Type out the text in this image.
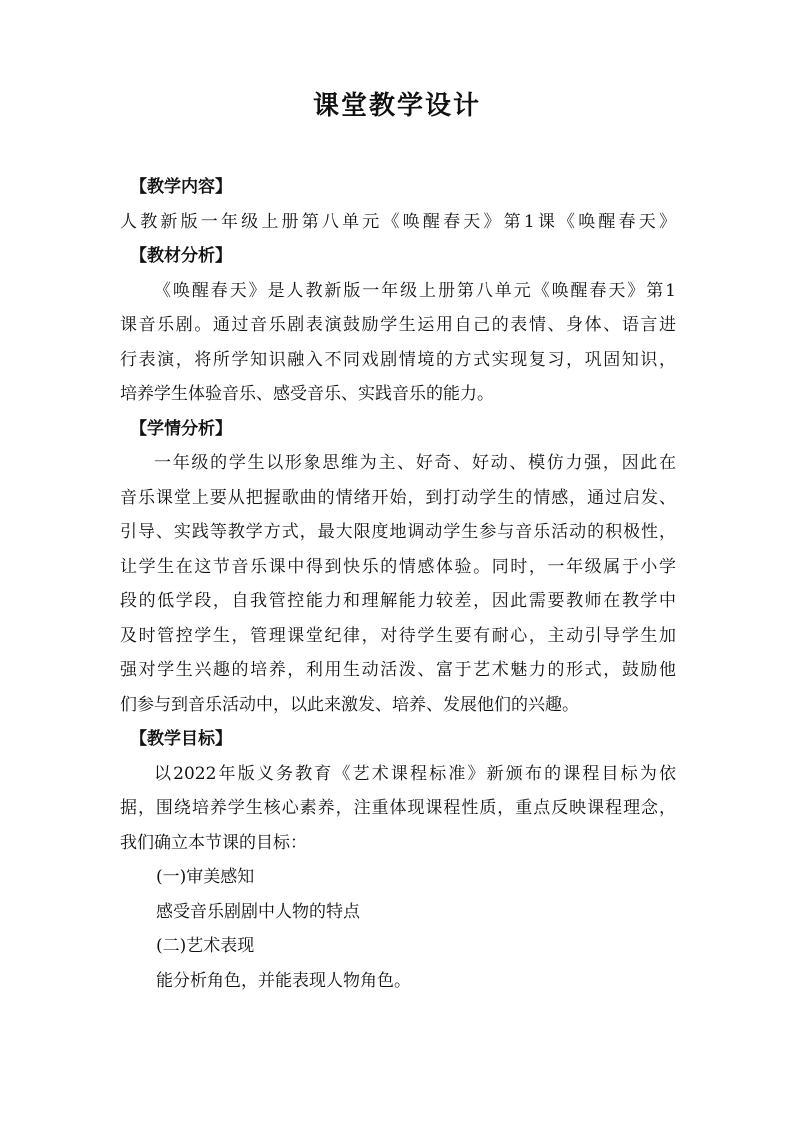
课堂教学设计
【教学内容】
人教新版一年级上册第八单元《唤醒春天》第1课《唤醒春天》
【教材分析】
《唤醒春天》是人教新版一年级上册第八单元《唤醒春天》第1
课音乐剧。通过音乐剧表演鼓励学生运用自己的表情、身体、语言进
行表演，将所学知识融入不同戏剧情境的方式实现复习，巩固知识，
培养学生体验音乐、感受音乐、实践音乐的能力。
【学情分析】
一年级的学生以形象思维为主、好奇、好动、模仿力强，因此在
音乐课堂上要从把握歌曲的情绪开始，到打动学生的情感，通过启发、
引导、实践等教学方式，最大限度地调动学生参与音乐活动的积极性，
让学生在这节音乐课中得到快乐的情感体验。同时，一年级属于小学
段的低学段，自我管控能力和理解能力较差，因此需要教师在教学中
及时管控学生，管理课堂纪律，对待学生要有耐心，主动引导学生加
强对学生兴趣的培养，利用生动活泼、富于艺术魅力的形式，鼓励他
们参与到音乐活动中，以此来激发、培养、发展他们的兴趣。
【教学目标】
以2022年版义务教育《艺术课程标准》新颁布的课程目标为依
据，围绕培养学生核心素养，注重体现课程性质，重点反映课程理念，
我们确立本节课的目标：
(一)审美感知
感受音乐剧剧中人物的特点
(二)艺术表现
能分析角色，并能表现人物角色。
